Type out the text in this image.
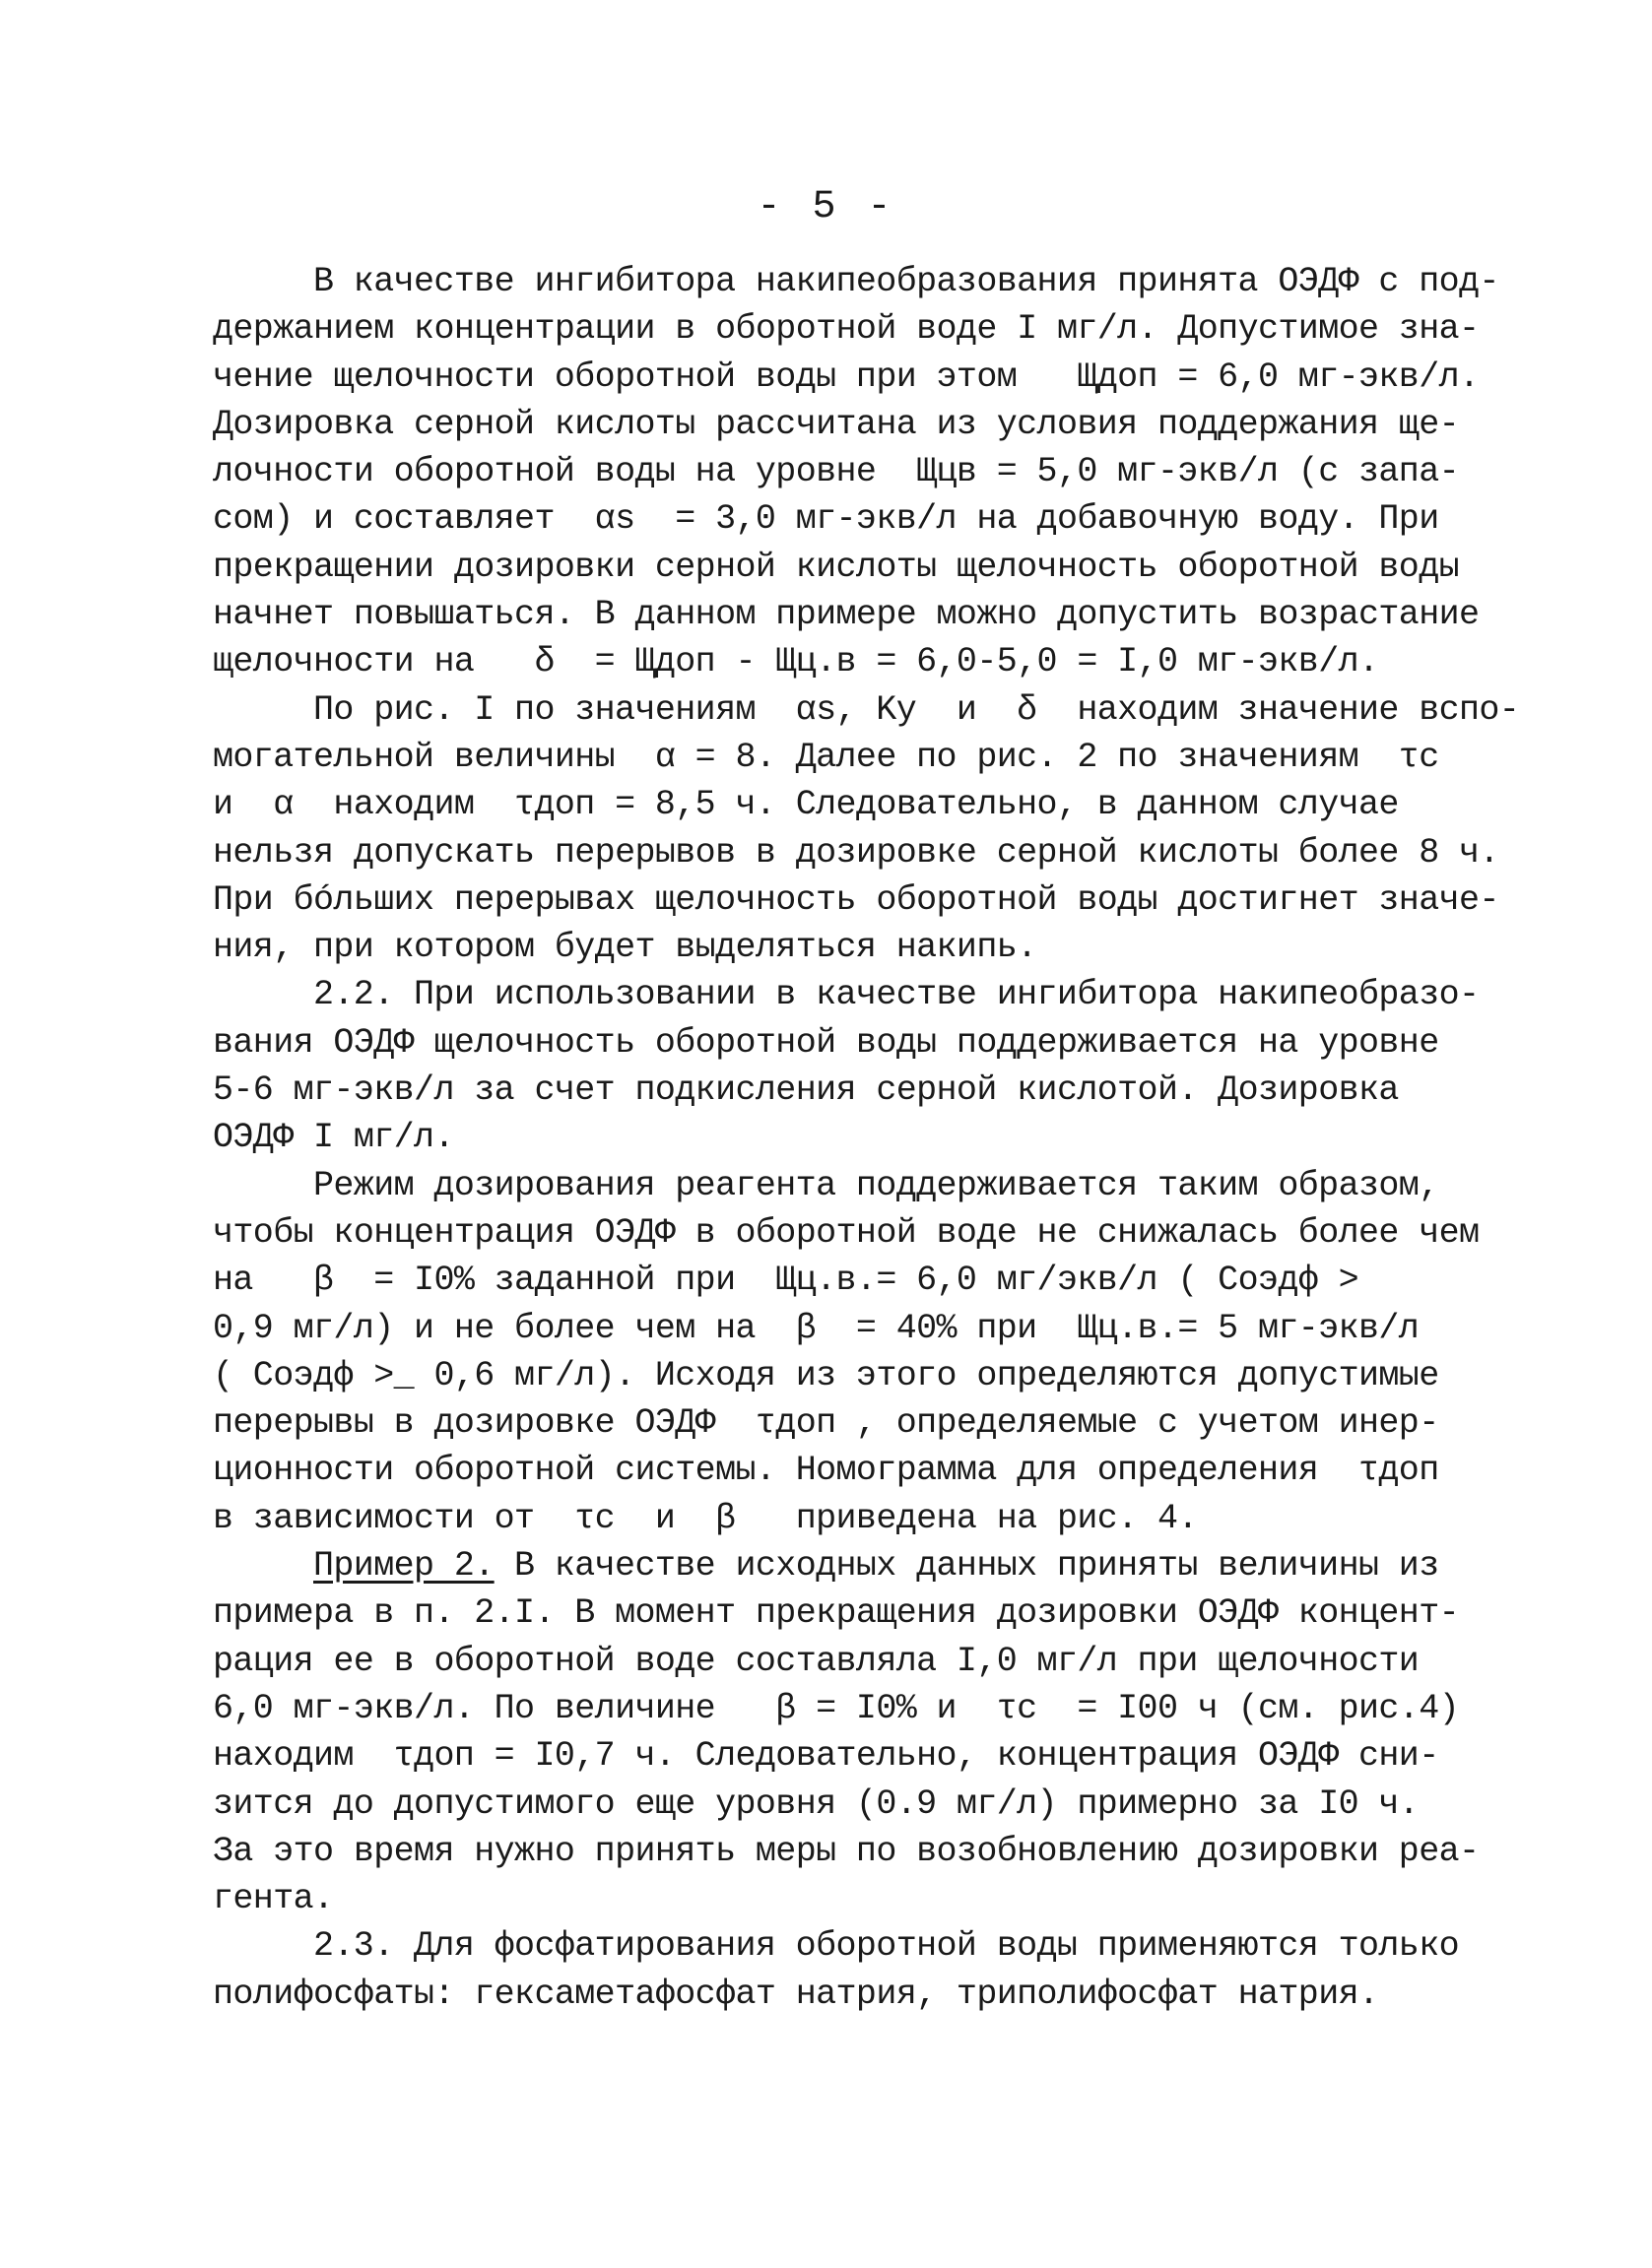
- 5 -
В качестве ингибитора накипеобразования принята ОЭДФ с под-
держанием концентрации в оборотной воде I мг/л. Допустимое зна-
чение щелочности оборотной воды при этом   Щдоп = 6,0 мг-экв/л.
Дозировка серной кислоты рассчитана из условия поддержания ще-
лочности оборотной воды на уровне  Щцв = 5,0 мг-экв/л (с запа-
сом) и составляет  αs  = 3,0 мг-экв/л на добавочную воду. При
прекращении дозировки серной кислоты щелочность оборотной воды
начнет повышаться. В данном примере можно допустить возрастание
щелочности на   δ  = Щдоп - Щц.в = 6,0-5,0 = I,0 мг-экв/л.
По рис. I по значениям  αs, Ky  и  δ  находим значение вспо-
могательной величины  α = 8. Далее по рис. 2 по значениям  τc
и  α  находим  τдоп = 8,5 ч. Следовательно, в данном случае
нельзя допускать перерывов в дозировке серной кислоты более 8 ч.
При бóльших перерывах щелочность оборотной воды достигнет значе-
ния, при котором будет выделяться накипь.
2.2. При использовании в качестве ингибитора накипеобразо-
вания ОЭДФ щелочность оборотной воды поддерживается на уровне
5-6 мг-экв/л за счет подкисления серной кислотой. Дозировка
ОЭДФ I мг/л.
Режим дозирования реагента поддерживается таким образом,
чтобы концентрация ОЭДФ в оборотной воде не снижалась более чем
на   β  = I0% заданной при  Щц.в.= 6,0 мг/экв/л ( Cоэдф >
0,9 мг/л) и не более чем на  β  = 40% при  Щц.в.= 5 мг-экв/л
( Cоэдф >_ 0,6 мг/л). Исходя из этого определяются допустимые
перерывы в дозировке ОЭДФ  τдоп , определяемые с учетом инер-
ционности оборотной системы. Номограмма для определения  τдоп
в зависимости от  τc  и  β   приведена на рис. 4.
Пример 2. В качестве исходных данных приняты величины из
примера в п. 2.I. В момент прекращения дозировки ОЭДФ концент-
рация ее в оборотной воде составляла I,0 мг/л при щелочности
6,0 мг-экв/л. По величине   β = I0% и  τc  = I00 ч (см. рис.4)
находим  τдоп = I0,7 ч. Следовательно, концентрация ОЭДФ сни-
зится до допустимого еще уровня (0.9 мг/л) примерно за I0 ч.
За это время нужно принять меры по возобновлению дозировки реа-
гента.
2.3. Для фосфатирования оборотной воды применяются только
полифосфаты: гексаметафосфат натрия, триполифосфат натрия.
